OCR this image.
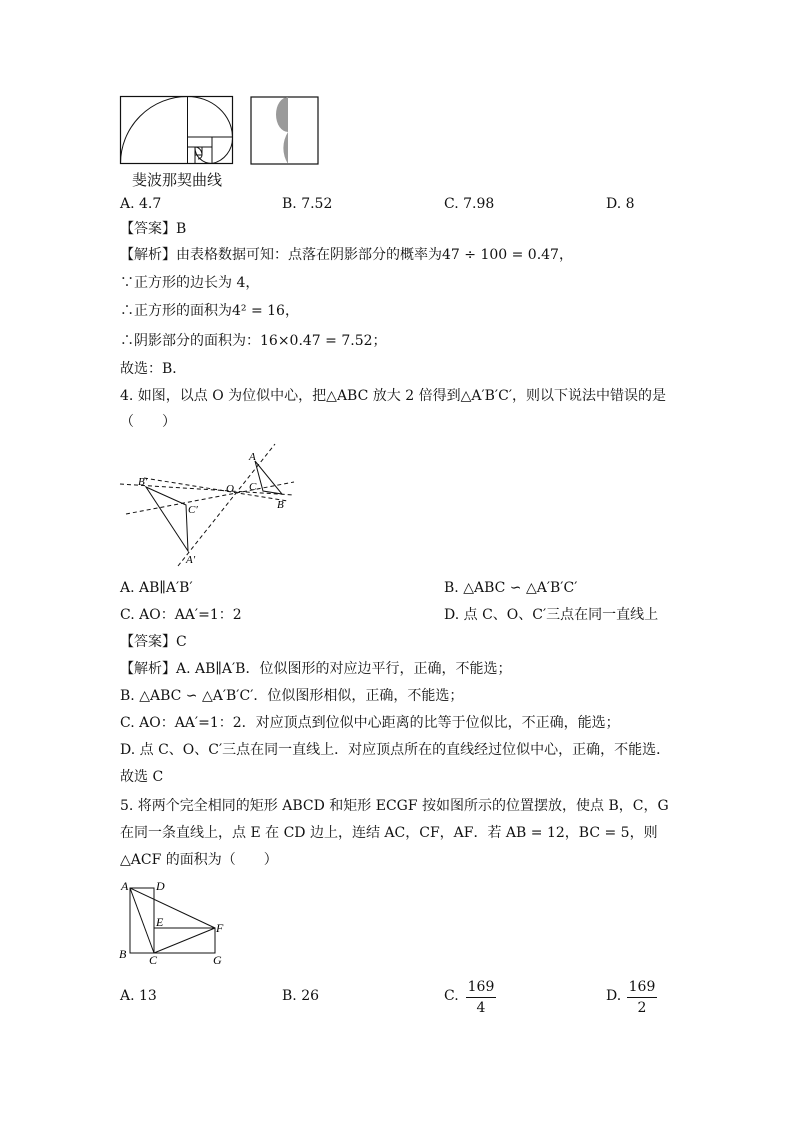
斐波那契曲线
A. 4.7	B. 7.52	C. 7.98	D. 8
【答案】B
【解析】由表格数据可知：点落在阴影部分的概率为47 ÷ 100 = 0.47，
∵正方形的边长为 4，
∴正方形的面积为4² = 16，
∴阴影部分的面积为：16×0.47 = 7.52；
故选：B．
4. 如图，以点 O 为位似中心，把△ABC 放大 2 倍得到△A′B′C′，则以下说法中错误的是
（　　）
A
C
B
O
B′
C′
A′
A. AB∥A′B′	B. △ABC ∽ △A′B′C′
C. AO：AA′=1：2	D. 点 C、O、C′三点在同一直线上
【答案】C
【解析】A. AB∥A′B．位似图形的对应边平行，正确，不能选；
B. △ABC ∽ △A′B′C′．位似图形相似，正确，不能选；
C. AO：AA′=1：2．对应顶点到位似中心距离的比等于位似比，不正确，能选；
D. 点 C、O、C′三点在同一直线上．对应顶点所在的直线经过位似中心，正确，不能选．
故选 C
5. 将两个完全相同的矩形 ABCD 和矩形 ECGF 按如图所示的位置摆放，使点 B，C，G
在同一条直线上，点 E 在 CD 边上，连结 AC，CF，AF．若 AB = 12，BC = 5，则
△ACF 的面积为（　　）
A D
E	F
B C	G
A. 13	B. 26	C.
169
4
D.
169
2
